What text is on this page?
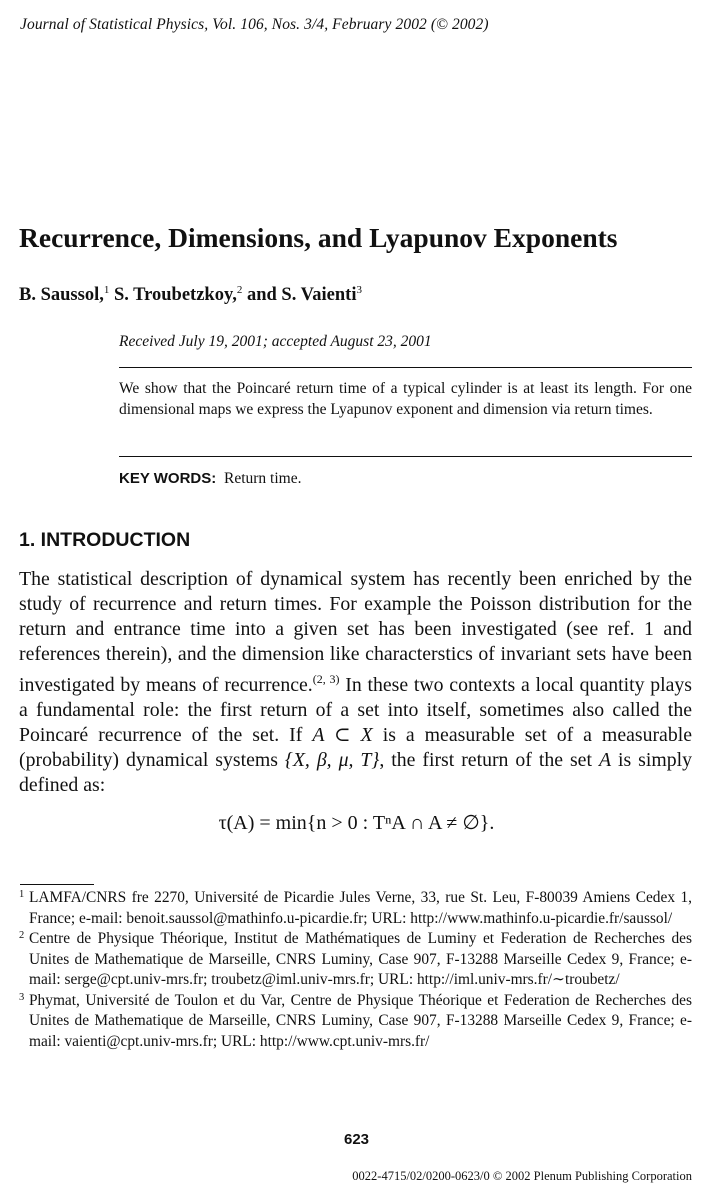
Journal of Statistical Physics, Vol. 106, Nos. 3/4, February 2002 (© 2002)
Recurrence, Dimensions, and Lyapunov Exponents
B. Saussol,$^1$ S. Troubetzkoy,$^2$ and S. Vaienti$^3$
Received July 19, 2001; accepted August 23, 2001
We show that the Poincaré return time of a typical cylinder is at least its length. For one dimensional maps we express the Lyapunov exponent and dimension via return times.
KEY WORDS: Return time.
1. INTRODUCTION
The statistical description of dynamical system has recently been enriched by the study of recurrence and return times. For example the Poisson distribution for the return and entrance time into a given set has been investigated (see ref. 1 and references therein), and the dimension like characterstics of invariant sets have been investigated by means of recurrence.$^{(2, 3)}$ In these two contexts a local quantity plays a fundamental role: the first return of a set into itself, sometimes also called the Poincaré recurrence of the set. If A ⊂ X is a measurable set of a measurable (probability) dynamical systems {X, β, μ, T}, the first return of the set A is simply defined as:
τ(A) = min{n > 0 : TⁿA ∩ A ≠ ∅}.
1 LAMFA/CNRS fre 2270, Université de Picardie Jules Verne, 33, rue St. Leu, F-80039 Amiens Cedex 1, France; e-mail: benoit.saussol@mathinfo.u-picardie.fr; URL: http://www.mathinfo.u-picardie.fr/saussol/
2 Centre de Physique Théorique, Institut de Mathématiques de Luminy et Federation de Recherches des Unites de Mathematique de Marseille, CNRS Luminy, Case 907, F-13288 Marseille Cedex 9, France; e-mail: serge@cpt.univ-mrs.fr; troubetz@iml.univ-mrs.fr; URL: http://iml.univ-mrs.fr/∼troubetz/
3 Phymat, Université de Toulon et du Var, Centre de Physique Théorique et Federation de Recherches des Unites de Mathematique de Marseille, CNRS Luminy, Case 907, F-13288 Marseille Cedex 9, France; e-mail: vaienti@cpt.univ-mrs.fr; URL: http://www.cpt.univ-mrs.fr/
623
0022-4715/02/0200-0623/0 © 2002 Plenum Publishing Corporation
